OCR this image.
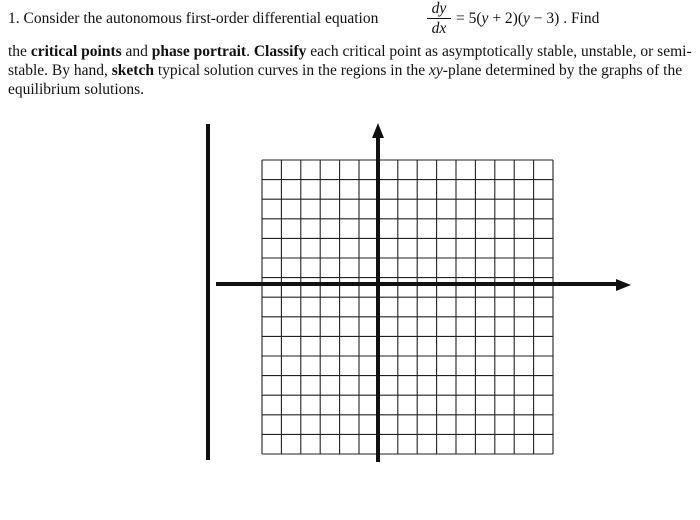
1. Consider the autonomous first-order differential equation
dy
dx
= 5(y + 2)(y − 3) . Find

the critical points and phase portrait. Classify each critical point as asymptotically stable, unstable, or semi-stable. By hand, sketch typical solution curves in the regions in the xy-plane determined by the graphs of the equilibrium solutions.
